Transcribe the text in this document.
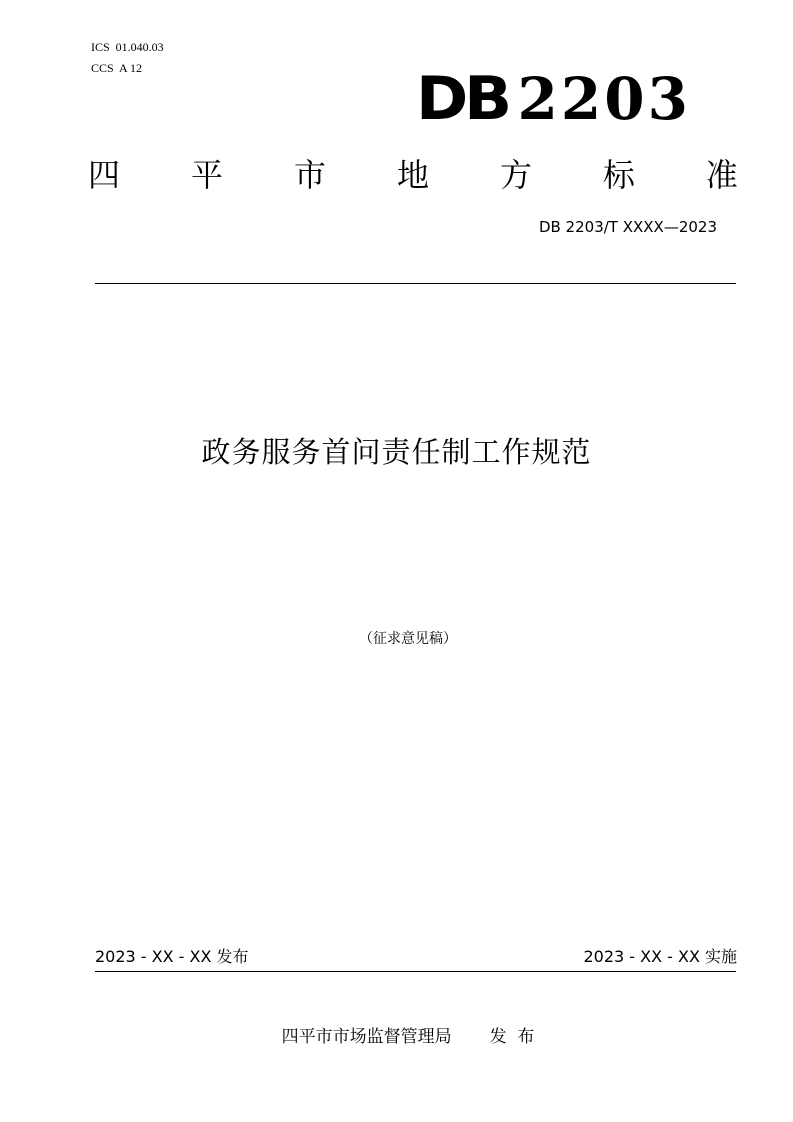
ICS  01.040.03
CCS  A 12	DB 2203
四 平 市 地 方 标 准
DB 2203/T XXXX—2023
政务服务首问责任制工作规范
（征求意见稿）
2023 - XX - XX 发布	2023 - XX - XX 实施
四平市市场监督管理局 发  布
